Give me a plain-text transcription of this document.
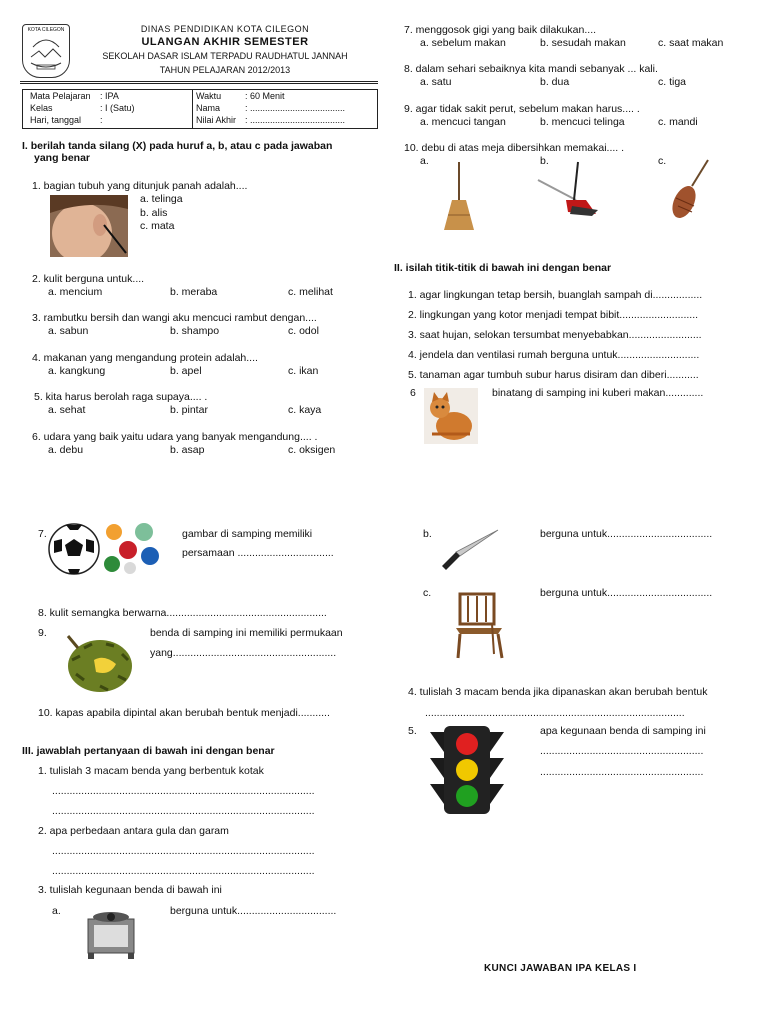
KOTA CILEGON	DINAS PENDIDIKAN KOTA CILEGON
ULANGAN AKHIR SEMESTER
SEKOLAH DASAR ISLAM TERPADU RAUDHATUL JANNAH
TAHUN PELAJARAN 2012/2013
Mata Pelajaran : IPA
Kelas	: I (Satu)
Hari, tanggal :
Waktu	: 60 Menit
Nama	: ......................................
Nilai Akhir : ......................................
I. berilah tanda silang (X) pada huruf a, b, atau c pada jawaban
yang benar
1. bagian tubuh yang ditunjuk panah adalah....
a. telinga
b. alis
c. mata
2. kulit berguna untuk....
a. mencium	b. meraba	c. melihat
3. rambutku bersih dan wangi aku mencuci rambut dengan....
a. sabun	b. shampo	c. odol
4. makanan yang mengandung protein adalah....
a. kangkung	b. apel	c. ikan
5. kita harus berolah raga supaya.... .
a. sehat	b. pintar	c. kaya
6. udara yang baik yaitu udara yang banyak mengandung.... .
a. debu	b. asap	c. oksigen
7. menggosok gigi yang baik dilakukan....
a. sebelum makan	b. sesudah makan	c. saat makan
8. dalam sehari sebaiknya kita mandi sebanyak ... kali.
a. satu	b. dua	c. tiga
9. agar tidak sakit perut, sebelum makan harus.... .
a. mencuci tangan	b. mencuci telinga	c. mandi
10. debu di atas meja dibersihkan memakai.... .
a.	b.	c.
II. isilah titik-titik di bawah ini dengan benar
1. agar lingkungan tetap bersih, buanglah sampah di.................
2. lingkungan yang kotor menjadi tempat bibit...........................
3. saat hujan, selokan tersumbat menyebabkan.........................
4. jendela dan ventilasi rumah berguna untuk............................
5. tanaman agar tumbuh subur harus disiram dan diberi...........
6	binatang di samping ini kuberi makan.............
7.	gambar di samping memiliki
persamaan .................................
8. kulit semangka berwarna.......................................................
9.	benda di samping ini memiliki permukaan
yang........................................................
10. kapas apabila dipintal akan berubah bentuk menjadi...........
III. jawablah pertanyaan di bawah ini dengan benar
1. tulislah 3 macam benda yang berbentuk kotak
..........................................................................................
..........................................................................................
2. apa perbedaan antara gula dan garam
..........................................................................................
..........................................................................................
3. tulislah kegunaan benda di bawah ini
a.	berguna untuk..................................
b.	berguna untuk....................................
c.	berguna untuk....................................
4. tulislah 3 macam benda jika dipanaskan akan berubah bentuk
.........................................................................................
5.	apa kegunaan benda di samping ini
........................................................
........................................................
KUNCI JAWABAN IPA KELAS I
